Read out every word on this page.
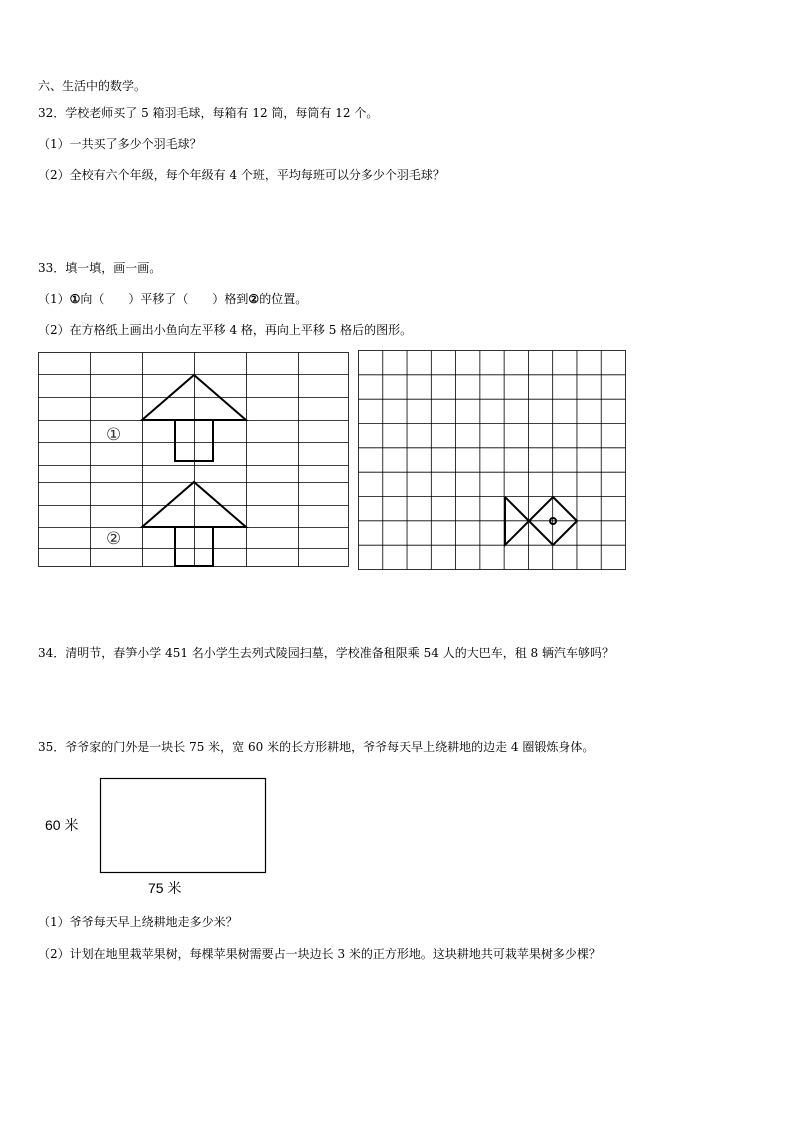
六、生活中的数学。
32．学校老师买了 5 箱羽毛球，每箱有 12 筒，每筒有 12 个。
（1）一共买了多少个羽毛球？
（2）全校有六个年级，每个年级有 4 个班，平均每班可以分多少个羽毛球？
33．填一填，画一画。
（1）①向（　　）平移了（　　）格到②的位置。
（2）在方格纸上画出小鱼向左平移 4 格，再向上平移 5 格后的图形。
①
②
60 米
75 米
34．清明节，春笋小学 451 名小学生去列式陵园扫墓，学校准备租限乘 54 人的大巴车，租 8 辆汽车够吗？
35．爷爷家的门外是一块长 75 米，宽 60 米的长方形耕地，爷爷每天早上绕耕地的边走 4 圈锻炼身体。
（1）爷爷每天早上绕耕地走多少米？
（2）计划在地里栽苹果树，每棵苹果树需要占一块边长 3 米的正方形地。这块耕地共可栽苹果树多少棵？
